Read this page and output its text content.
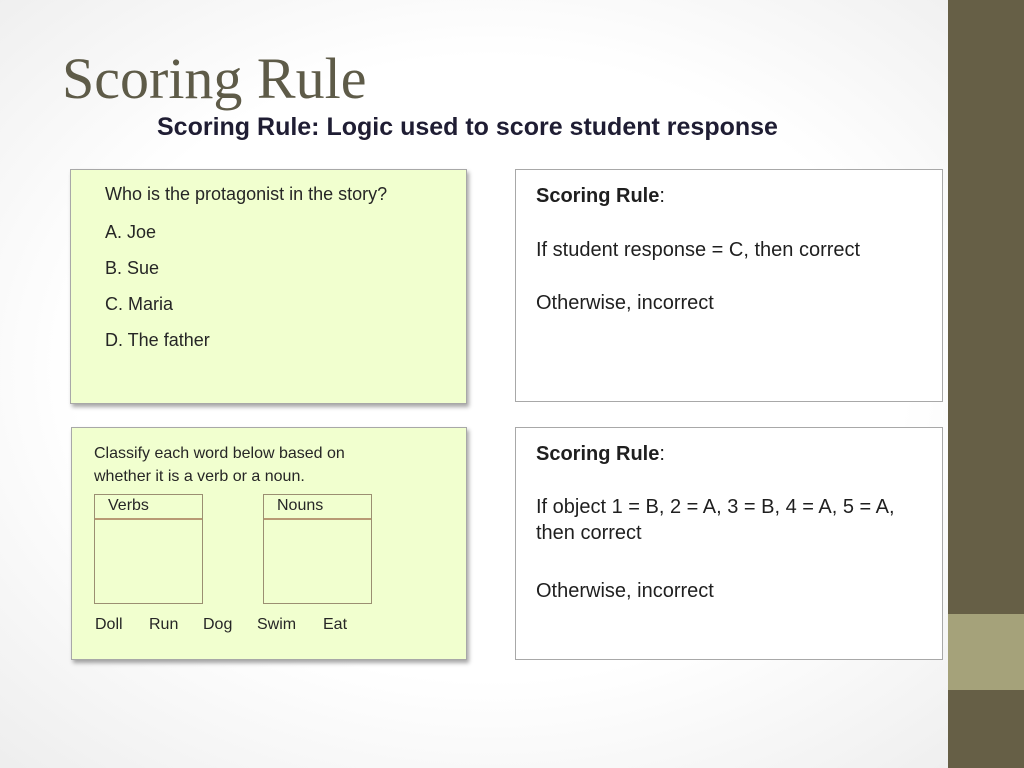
Scoring Rule
Scoring Rule: Logic used to score student response
Who is the protagonist in the story?
A. Joe
B. Sue
C. Maria
D. The father
Scoring Rule:
If student response = C, then correct
Otherwise, incorrect
Classify each word below based on whether it is a verb or a noun.
Verbs	Nouns
Doll Run Dog Swim Eat
Scoring Rule:
If object 1 = B, 2 = A, 3 = B, 4 = A, 5 = A, then correct
Otherwise, incorrect
